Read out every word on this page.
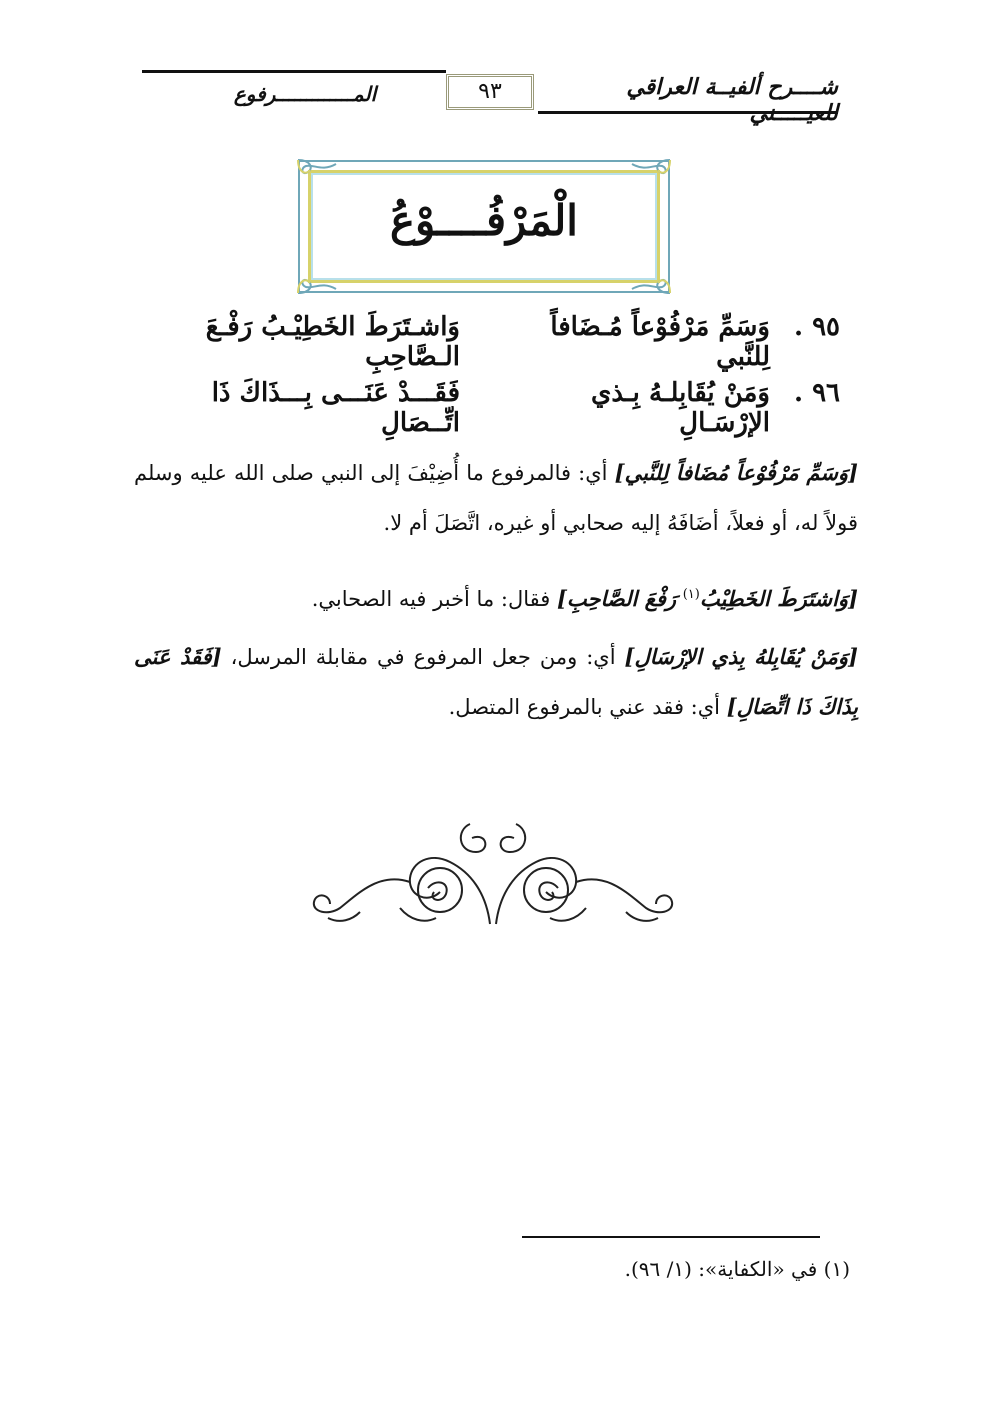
شــــرح ألفيــة العراقي للعيـــــني
٩٣
المـــــــــــــرفوع
الْمَرْفُــــوْعُ
٩٥ .
وَسَمِّ مَرْفُوْعاً مُـضَافاً لِلنَّبي
وَاشـتَرَطَ الخَطِيْـبُ رَفْـعَ الـصَّاحِبِ
٩٦ .
وَمَنْ يُقَابِلـهُ بِـذي الإرْسَـالِ
فَقَـــدْ عَنَـــى بِـــذَاكَ ذَا اتِّــصَالِ
[وَسَمِّ مَرْفُوْعاً مُضَافاً لِلنَّبي] أي: فالمرفوع ما أُضِيْفَ إلى النبي صلى الله عليه وسلم قولاً له، أو فعلاً، أضَافَهُ إليه صحابي أو غيره، اتَّصَلَ أم لا.
[وَاشتَرَطَ الخَطِيْبُ$^{(١)}$ رَفْعَ الصَّاحِبِ] فقال: ما أخبر فيه الصحابي.
[وَمَنْ يُقَابِلهُ بِذي الإرْسَالِ] أي: ومن جعل المرفوع في مقابلة المرسل، [فَقَدْ عَنَى بِذَاكَ ذَا اتِّصَالِ] أي: فقد عني بالمرفوع المتصل.
(١) في «الكفاية»: (١/ ٩٦).
